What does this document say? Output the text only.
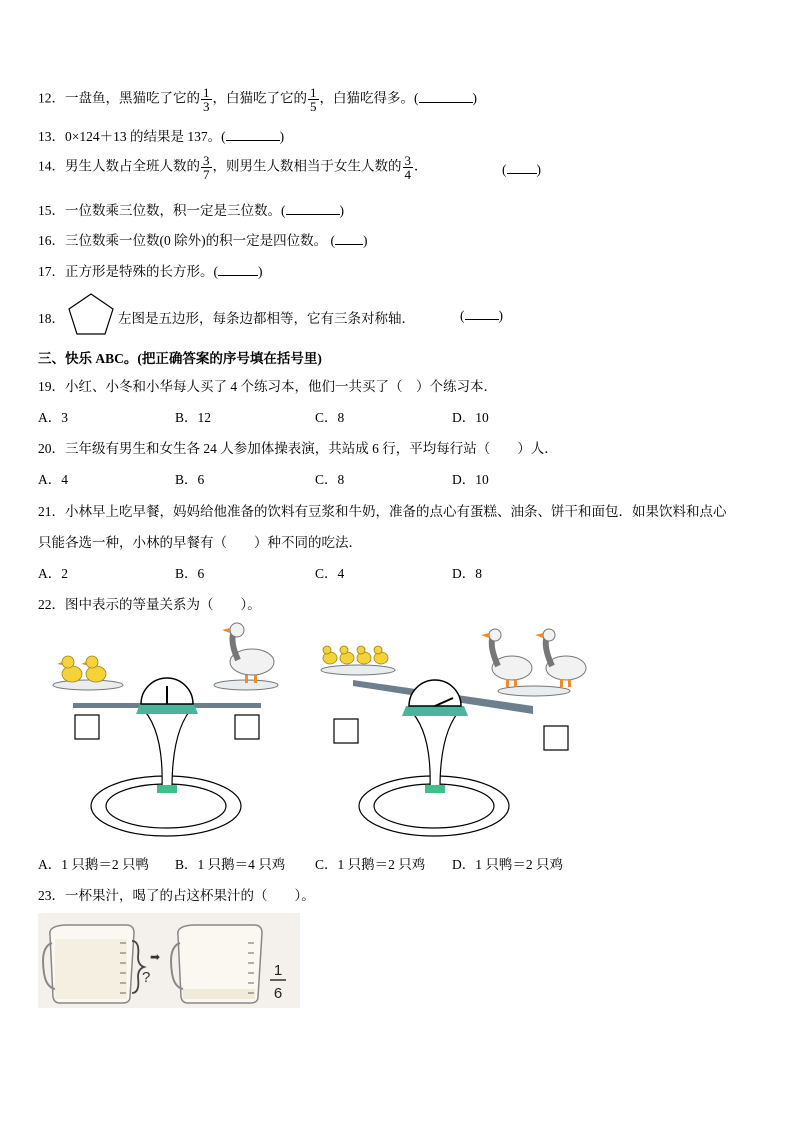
12．一盘鱼，黑猫吃了它的 $\frac{1}{3}$ ，白猫吃了它的 $\frac{1}{5}$ ，白猫吃得多。(	)
13．0×124＋13 的结果是 137。(	)
14．男生人数占全班人数的 $\frac{3}{7}$ ，则男生人数相当于女生人数的 $\frac{3}{4}$ ．	( )
15．一位数乘三位数，积一定是三位数。(	)
16．三位数乘一位数(0 除外)的积一定是四位数。 ( )
17．正方形是特殊的长方形。(	)
18．	左图是五边形，每条边都相等，它有三条对称轴．	(	)
三、快乐 ABC。(把正确答案的序号填在括号里)
19．小红、小冬和小华每人买了 4 个练习本，他们一共买了（　）个练习本．
A．3	B．12	C．8	D．10
20．三年级有男生和女生各 24 人参加体操表演，共站成 6 行，平均每行站（　　）人．
A．4	B．6	C．8	D．10
21．小林早上吃早餐，妈妈给他准备的饮料有豆浆和牛奶，准备的点心有蛋糕、油条、饼干和面包．如果饮料和点心
只能各选一种，小林的早餐有（　　）种不同的吃法．
A．2	B．6	C．4	D．8
22．图中表示的等量关系为（　　）。
A．1 只鹅＝2 只鸭 B．1 只鹅＝4 只鸡 C．1 只鹅＝2 只鸡 D．1 只鸭＝2 只鸡
23．一杯果汁，喝了的占这杯果汁的（　　）。
?
➡
1
6
